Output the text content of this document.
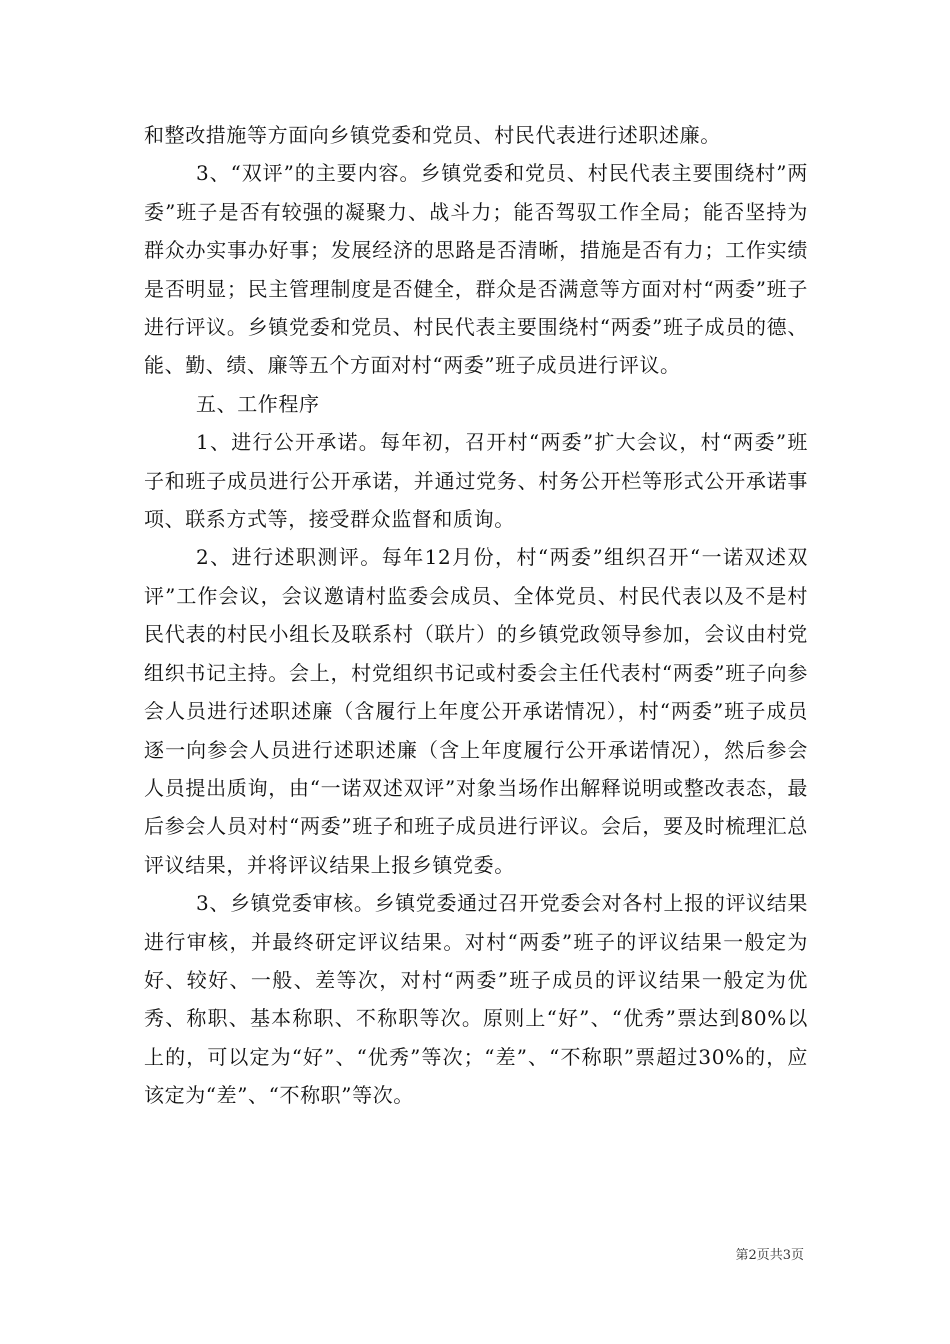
和整改措施等方面向乡镇党委和党员、村民代表进行述职述廉。

3、“双评”的主要内容。乡镇党委和党员、村民代表主要围绕村”两委”班子是否有较强的凝聚力、战斗力；能否驾驭工作全局；能否坚持为群众办实事办好事；发展经济的思路是否清晰，措施是否有力；工作实绩是否明显；民主管理制度是否健全，群众是否满意等方面对村“两委”班子进行评议。乡镇党委和党员、村民代表主要围绕村“两委”班子成员的德、能、勤、绩、廉等五个方面对村“两委”班子成员进行评议。

五、工作程序

1、进行公开承诺。每年初，召开村“两委”扩大会议，村“两委”班子和班子成员进行公开承诺，并通过党务、村务公开栏等形式公开承诺事项、联系方式等，接受群众监督和质询。

2、进行述职测评。每年12月份，村“两委”组织召开“一诺双述双评”工作会议，会议邀请村监委会成员、全体党员、村民代表以及不是村民代表的村民小组长及联系村（联片）的乡镇党政领导参加，会议由村党组织书记主持。会上，村党组织书记或村委会主任代表村“两委”班子向参会人员进行述职述廉（含履行上年度公开承诺情况），村“两委”班子成员逐一向参会人员进行述职述廉（含上年度履行公开承诺情况），然后参会人员提出质询，由“一诺双述双评”对象当场作出解释说明或整改表态，最后参会人员对村“两委”班子和班子成员进行评议。会后，要及时梳理汇总评议结果，并将评议结果上报乡镇党委。

3、乡镇党委审核。乡镇党委通过召开党委会对各村上报的评议结果进行审核，并最终研定评议结果。对村“两委”班子的评议结果一般定为好、较好、一般、差等次，对村“两委”班子成员的评议结果一般定为优秀、称职、基本称职、不称职等次。原则上“好”、“优秀”票达到80%以上的，可以定为“好”、“优秀”等次；“差”、“不称职”票超过30%的，应该定为“差”、“不称职”等次。

第2页共3页
